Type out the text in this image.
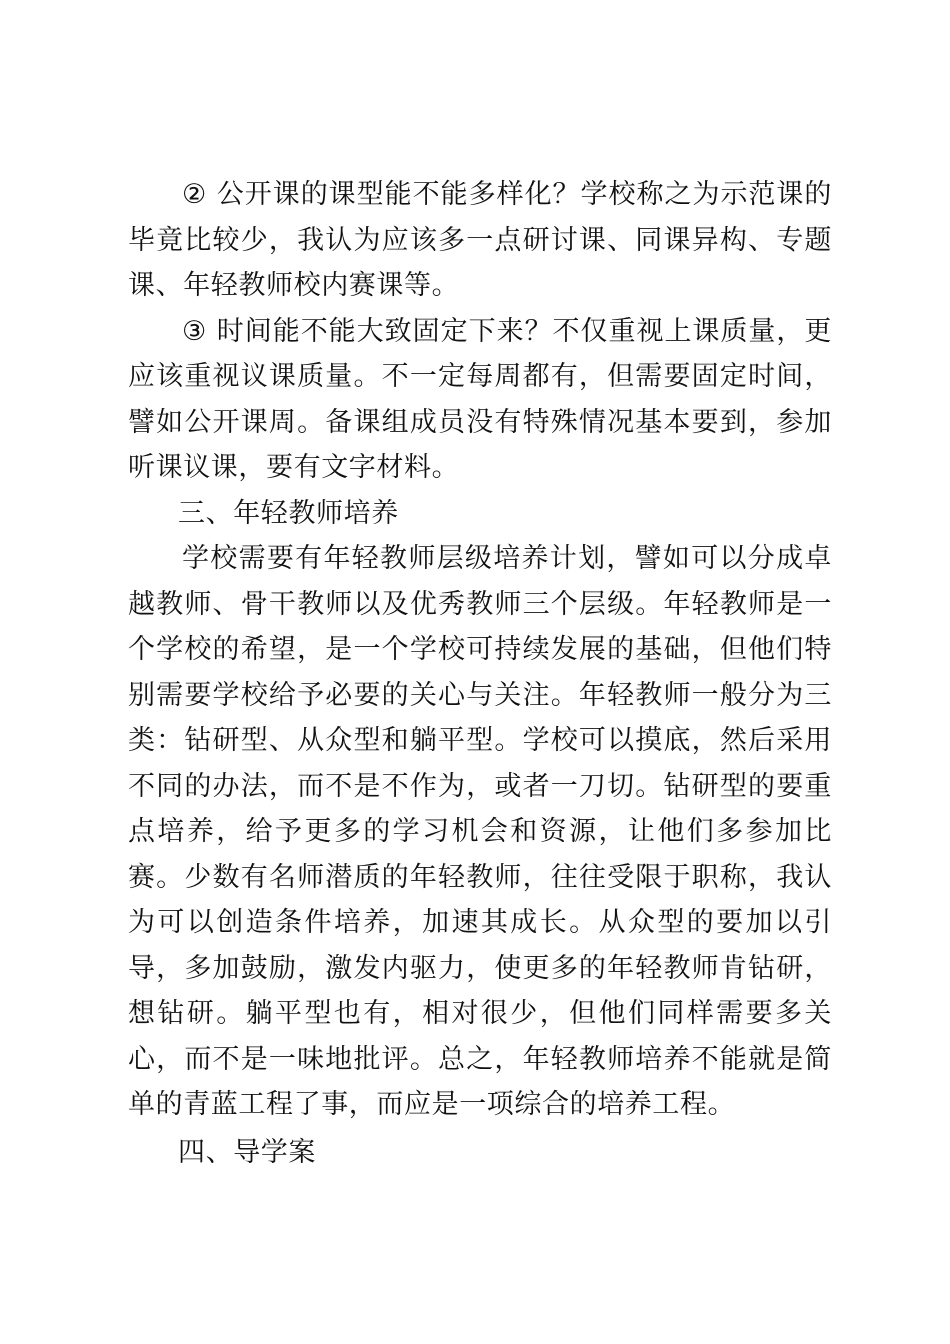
② 公开课的课型能不能多样化？学校称之为示范课的毕竟比较少，我认为应该多一点研讨课、同课异构、专题课、年轻教师校内赛课等。

③ 时间能不能大致固定下来？不仅重视上课质量，更应该重视议课质量。不一定每周都有，但需要固定时间，譬如公开课周。备课组成员没有特殊情况基本要到，参加听课议课，要有文字材料。

三、年轻教师培养

学校需要有年轻教师层级培养计划，譬如可以分成卓越教师、骨干教师以及优秀教师三个层级。年轻教师是一个学校的希望，是一个学校可持续发展的基础，但他们特别需要学校给予必要的关心与关注。年轻教师一般分为三类：钻研型、从众型和躺平型。学校可以摸底，然后采用不同的办法，而不是不作为，或者一刀切。钻研型的要重点培养，给予更多的学习机会和资源，让他们多参加比赛。少数有名师潜质的年轻教师，往往受限于职称，我认为可以创造条件培养，加速其成长。从众型的要加以引导，多加鼓励，激发内驱力，使更多的年轻教师肯钻研，想钻研。躺平型也有，相对很少，但他们同样需要多关心，而不是一味地批评。总之，年轻教师培养不能就是简单的青蓝工程了事，而应是一项综合的培养工程。

四、导学案
